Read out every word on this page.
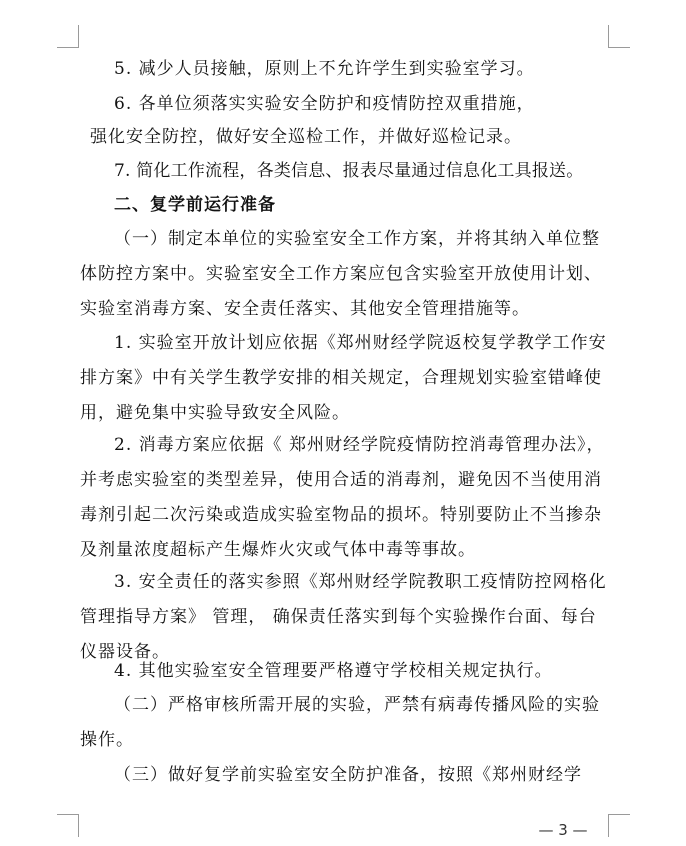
5. 减少人员接触，原则上不允许学生到实验室学习。

6. 各单位须落实实验安全防护和疫情防控双重措施，

强化安全防控，做好安全巡检工作，并做好巡检记录。

7. 简化工作流程，各类信息、报表尽量通过信息化工具报送。

二、复学前运行准备

（一）制定本单位的实验室安全工作方案，并将其纳入单位整体防控方案中。实验室安全工作方案应包含实验室开放使用计划、实验室消毒方案、安全责任落实、其他安全管理措施等。

1. 实验室开放计划应依据《郑州财经学院返校复学教学工作安排方案》中有关学生教学安排的相关规定，合理规划实验室错峰使用，避免集中实验导致安全风险。

2. 消毒方案应依据《 郑州财经学院疫情防控消毒管理办法》，并考虑实验室的类型差异，使用合适的消毒剂，避免因不当使用消毒剂引起二次污染或造成实验室物品的损坏。特别要防止不当掺杂及剂量浓度超标产生爆炸火灾或气体中毒等事故。

3. 安全责任的落实参照《郑州财经学院教职工疫情防控网格化管理指导方案》 管理， 确保责任落实到每个实验操作台面、每台仪器设备。

4. 其他实验室安全管理要严格遵守学校相关规定执行。

（二）严格审核所需开展的实验，严禁有病毒传播风险的实验操作。

（三）做好复学前实验室安全防护准备，按照《郑州财经学

— 3 —
